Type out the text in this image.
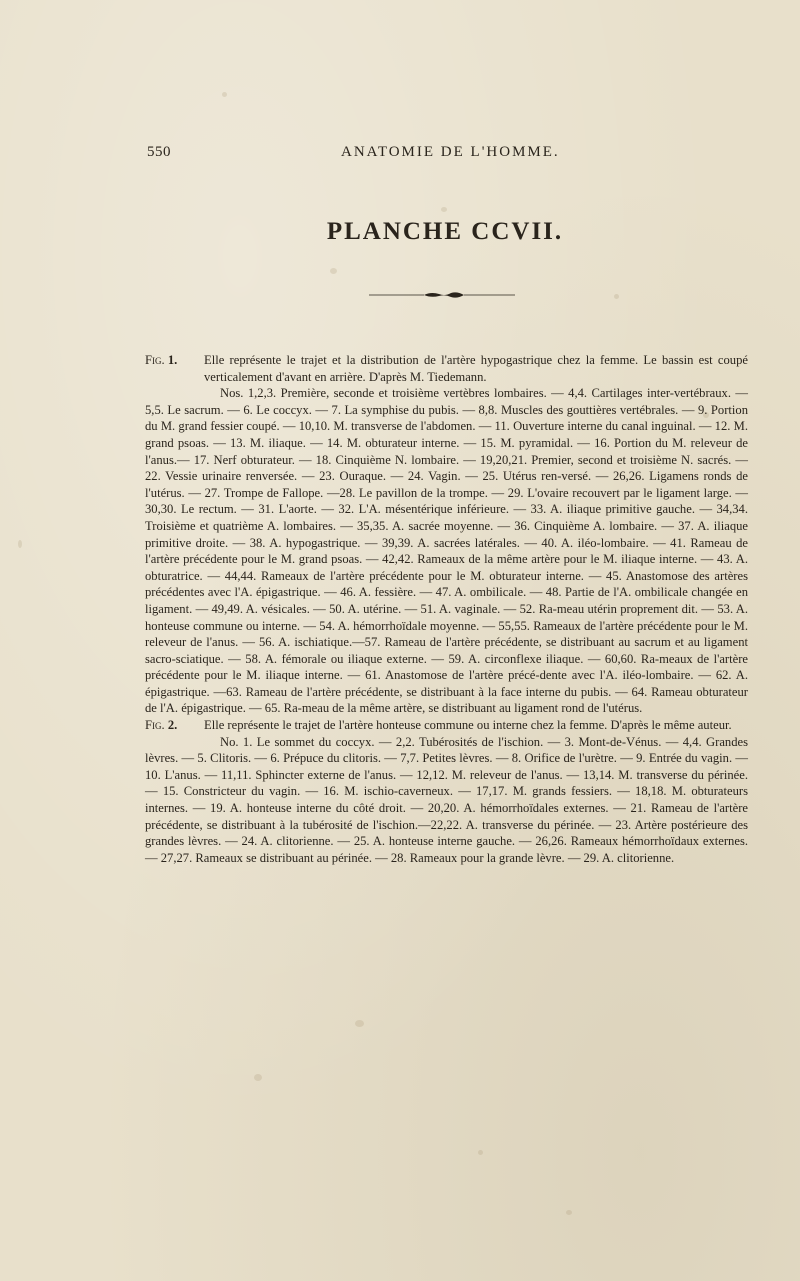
550	ANATOMIE DE L'HOMME.
PLANCHE CCVII.

Fig. 1. Elle représente le trajet et la distribution de l'artère hypogastrique chez la femme. Le bassin est coupé verticalement d'avant en arrière. D'après M. Tiedemann.

Nos. 1,2,3. Première, seconde et troisième vertèbres lombaires. — 4,4. Cartilages inter-vertébraux. — 5,5. Le sacrum. — 6. Le coccyx. — 7. La symphise du pubis. — 8,8. Muscles des gouttières vertébrales. — 9. Portion du M. grand fessier coupé. — 10,10. M. transverse de l'abdomen. — 11. Ouverture interne du canal inguinal. — 12. M. grand psoas. — 13. M. iliaque. — 14. M. obturateur interne. — 15. M. pyramidal. — 16. Portion du M. releveur de l'anus.— 17. Nerf obturateur. — 18. Cinquième N. lombaire. — 19,20,21. Premier, second et troisième N. sacrés. — 22. Vessie urinaire renversée. — 23. Ouraque. — 24. Vagin. — 25. Utérus ren-versé. — 26,26. Ligamens ronds de l'utérus. — 27. Trompe de Fallope. —28. Le pavillon de la trompe. — 29. L'ovaire recouvert par le ligament large. — 30,30. Le rectum. — 31. L'aorte. — 32. L'A. mésentérique inférieure. — 33. A. iliaque primitive gauche. — 34,34. Troisième et quatrième A. lombaires. — 35,35. A. sacrée moyenne. — 36. Cinquième A. lombaire. — 37. A. iliaque primitive droite. — 38. A. hypogastrique. — 39,39. A. sacrées latérales. — 40. A. iléo-lombaire. — 41. Rameau de l'artère précédente pour le M. grand psoas. — 42,42. Rameaux de la même artère pour le M. iliaque interne. — 43. A. obturatrice. — 44,44. Rameaux de l'artère précédente pour le M. obturateur interne. — 45. Anastomose des artères précédentes avec l'A. épigastrique. — 46. A. fessière. — 47. A. ombilicale. — 48. Partie de l'A. ombilicale changée en ligament. — 49,49. A. vésicales. — 50. A. utérine. — 51. A. vaginale. — 52. Ra-meau utérin proprement dit. — 53. A. honteuse commune ou interne. — 54. A. hémorrhoïdale moyenne. — 55,55. Rameaux de l'artère précédente pour le M. releveur de l'anus. — 56. A. ischiatique.—57. Rameau de l'artère précédente, se distribuant au sacrum et au ligament sacro-sciatique. — 58. A. fémorale ou iliaque externe. — 59. A. circonflexe iliaque. — 60,60. Ra-meaux de l'artère précédente pour le M. iliaque interne. — 61. Anastomose de l'artère précé-dente avec l'A. iléo-lombaire. — 62. A. épigastrique. —63. Rameau de l'artère précédente, se distribuant à la face interne du pubis. — 64. Rameau obturateur de l'A. épigastrique. — 65. Ra-meau de la même artère, se distribuant au ligament rond de l'utérus.

Fig. 2. Elle représente le trajet de l'artère honteuse commune ou interne chez la femme. D'après le même auteur.

No. 1. Le sommet du coccyx. — 2,2. Tubérosités de l'ischion. — 3. Mont-de-Vénus. — 4,4. Grandes lèvres. — 5. Clitoris. — 6. Prépuce du clitoris. — 7,7. Petites lèvres. — 8. Orifice de l'urètre. — 9. Entrée du vagin. — 10. L'anus. — 11,11. Sphincter externe de l'anus. — 12,12. M. releveur de l'anus. — 13,14. M. transverse du périnée. — 15. Constricteur du vagin. — 16. M. ischio-caverneux. — 17,17. M. grands fessiers. — 18,18. M. obturateurs internes. — 19. A. honteuse interne du côté droit. — 20,20. A. hémorrhoïdales externes. — 21. Rameau de l'artère précédente, se distribuant à la tubérosité de l'ischion.—22,22. A. transverse du périnée. — 23. Artère postérieure des grandes lèvres. — 24. A. clitorienne. — 25. A. honteuse interne gauche. — 26,26. Rameaux hémorrhoïdaux externes. — 27,27. Rameaux se distribuant au périnée. — 28. Rameaux pour la grande lèvre. — 29. A. clitorienne.
